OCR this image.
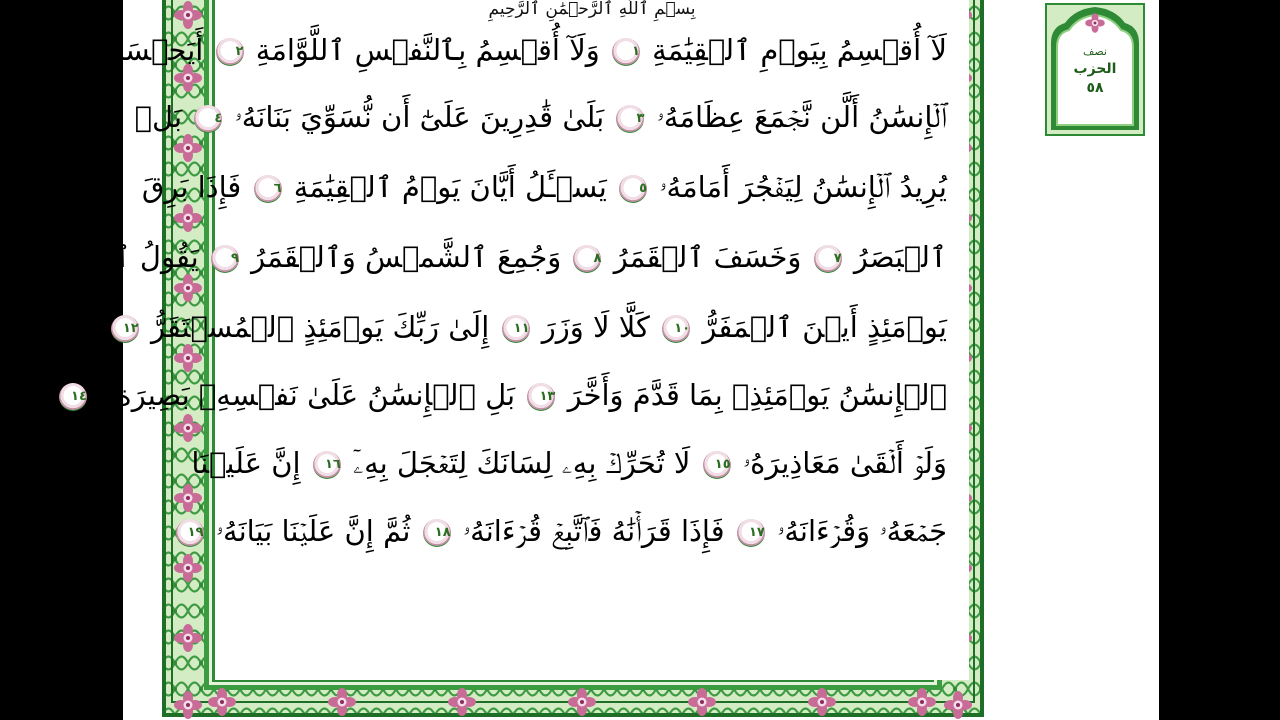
بِسۡمِ ٱللَّهِ ٱلرَّحۡمَٰنِ ٱلرَّحِيمِ
لَآ أُقۡسِمُ بِيَوۡمِ ٱلۡقِيَٰمَةِ ١ وَلَآ أُقۡسِمُ بِٱلنَّفۡسِ ٱللَّوَّامَةِ ٢ أَيَحۡسَبُ
ٱلۡإِنسَٰنُ أَلَّن نَّجۡمَعَ عِظَامَهُۥ ٣ بَلَىٰ قَٰدِرِينَ عَلَىٰٓ أَن نُّسَوِّيَ بَنَانَهُۥ ٤ بَلۡ
يُرِيدُ ٱلۡإِنسَٰنُ لِيَفۡجُرَ أَمَامَهُۥ ٥ يَسۡـَٔلُ أَيَّانَ يَوۡمُ ٱلۡقِيَٰمَةِ ٦ فَإِذَا بَرِقَ
ٱلۡبَصَرُ ٧ وَخَسَفَ ٱلۡقَمَرُ ٨ وَجُمِعَ ٱلشَّمۡسُ وَٱلۡقَمَرُ ٩ يَقُولُ ٱلۡإِنسَٰنُ
يَوۡمَئِذٍ أَيۡنَ ٱلۡمَفَرُّ ١٠ كَلَّا لَا وَزَرَ ١١ إِلَىٰ رَبِّكَ يَوۡمَئِذٍ ٱلۡمُسۡتَقَرُّ ١٢ يُنَبَّؤُاْ
ٱلۡإِنسَٰنُ يَوۡمَئِذِۭ بِمَا قَدَّمَ وَأَخَّرَ ١٣ بَلِ ٱلۡإِنسَٰنُ عَلَىٰ نَفۡسِهِۦ بَصِيرَةٞ ١٤
وَلَوۡ أَلۡقَىٰ مَعَاذِيرَهُۥ ١٥ لَا تُحَرِّكۡ بِهِۦ لِسَانَكَ لِتَعۡجَلَ بِهِۦٓ ١٦ إِنَّ عَلَيۡنَا
جَمۡعَهُۥ وَقُرۡءَانَهُۥ ١٧ فَإِذَا قَرَأۡنَٰهُ فَٱتَّبِعۡ قُرۡءَانَهُۥ ١٨ ثُمَّ إِنَّ عَلَيۡنَا بَيَانَهُۥ ١٩
نصف
الحزب
٥٨
